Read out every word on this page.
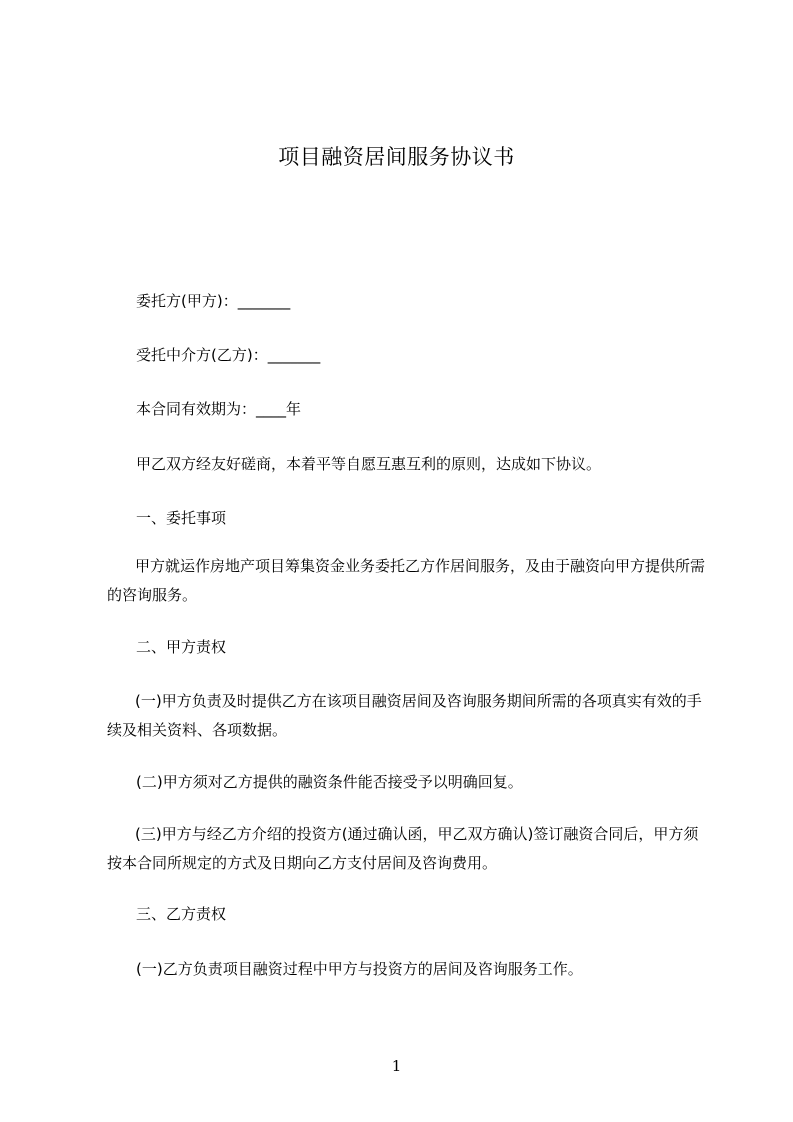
项目融资居间服务协议书

委托方(甲方)：_______

受托中介方(乙方)：_______

本合同有效期为：____年

甲乙双方经友好磋商，本着平等自愿互惠互利的原则，达成如下协议。

一、委托事项

甲方就运作房地产项目筹集资金业务委托乙方作居间服务，及由于融资向甲方提供所需的咨询服务。

二、甲方责权

(一)甲方负责及时提供乙方在该项目融资居间及咨询服务期间所需的各项真实有效的手续及相关资料、各项数据。

(二)甲方须对乙方提供的融资条件能否接受予以明确回复。

(三)甲方与经乙方介绍的投资方(通过确认函，甲乙双方确认)签订融资合同后，甲方须按本合同所规定的方式及日期向乙方支付居间及咨询费用。

三、乙方责权

(一)乙方负责项目融资过程中甲方与投资方的居间及咨询服务工作。

1
